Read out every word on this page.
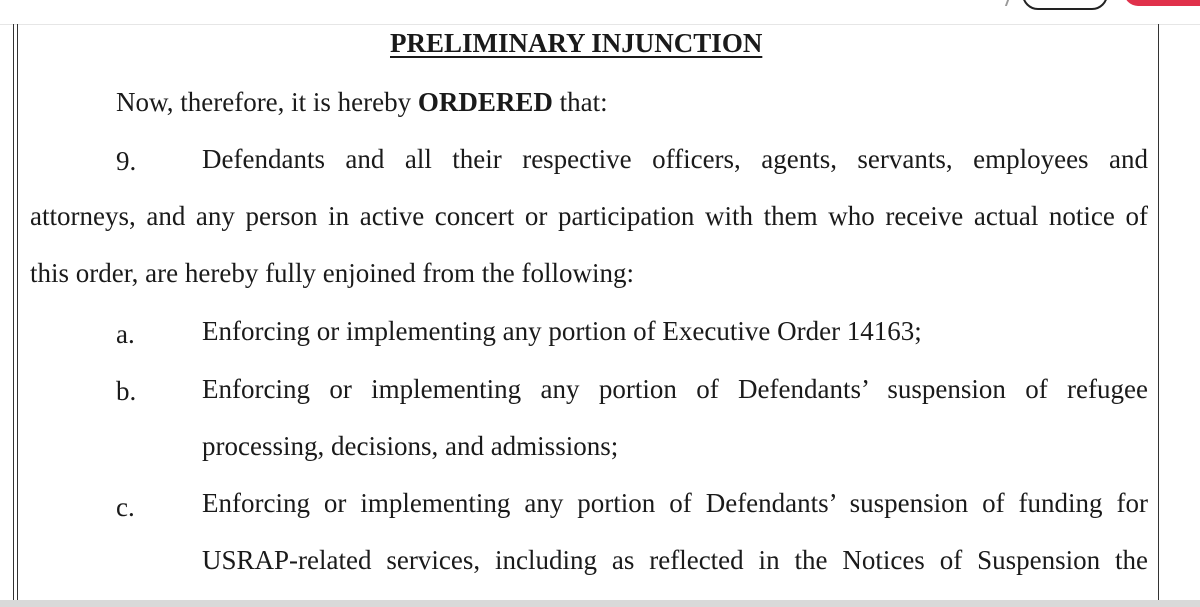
PRELIMINARY INJUNCTION
Now, therefore, it is hereby ORDERED that:
9. Defendants and all their respective officers, agents, servants, employees and
attorneys, and any person in active concert or participation with them who receive actual notice of
this order, are hereby fully enjoined from the following:
a. Enforcing or implementing any portion of Executive Order 14163;
b. Enforcing or implementing any portion of Defendants’ suspension of refugee
processing, decisions, and admissions;
c. Enforcing or implementing any portion of Defendants’ suspension of funding for
USRAP-related services, including as reflected in the Notices of Suspension the
